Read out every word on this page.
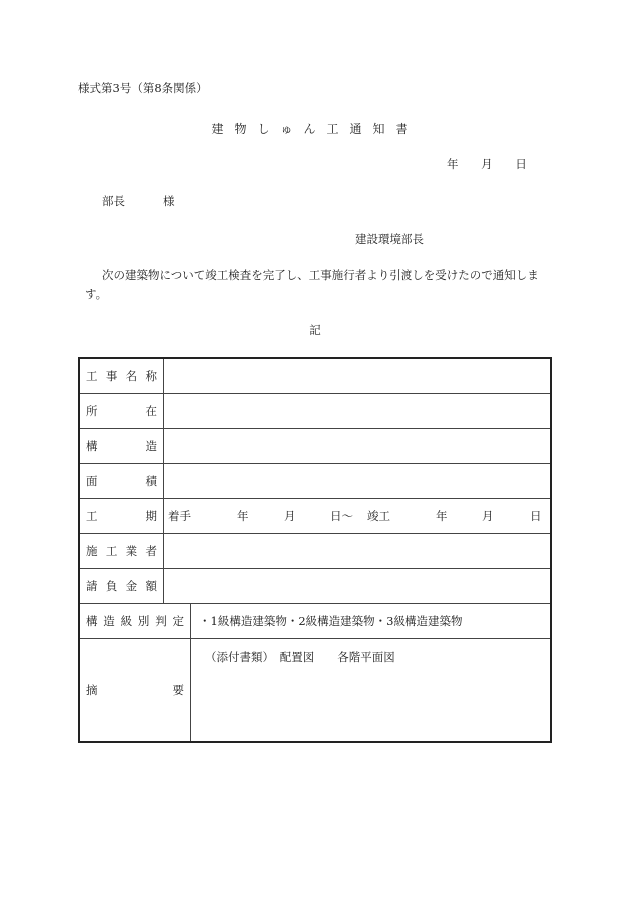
様式第3号（第8条関係）
建物しゅん工通知書
年 月 日
部長	様
建設環境部長
次の建築物について竣工検査を完了し、工事施行者より引渡しを受けたので通知します。
記
工 事 名 称
所	在
構	造
面	積
工	期 着手	年	月	日～ 竣工	年	月	日
施 工 業 者
請 負 金 額
構 造 級 別 判 定	・1級構造建築物・2級構造建築物・3級構造建築物
摘	要
（添付書類）　配置図　　各階平面図
